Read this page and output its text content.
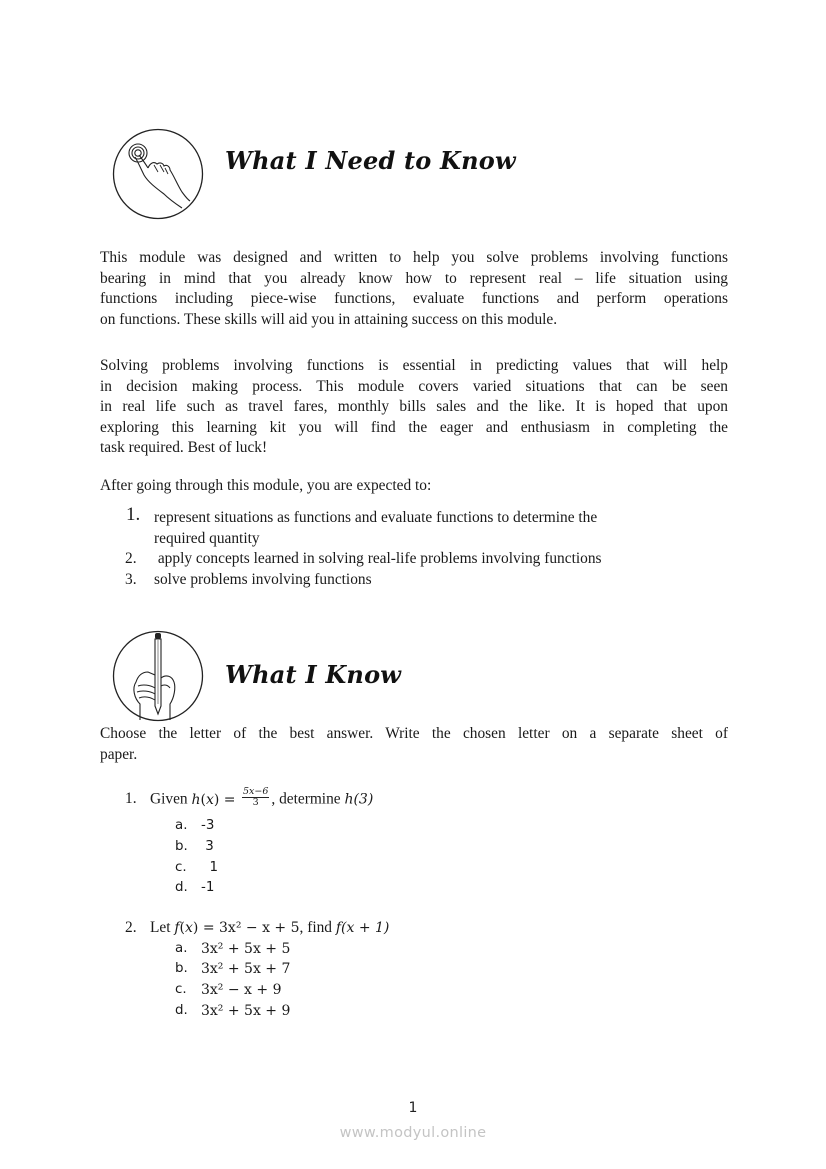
What I Need to Know
This module was designed and written to help you solve problems involving functions
bearing in mind that you already know how to represent real – life situation using
functions including piece-wise functions, evaluate functions and perform operations
on functions. These skills will aid you in attaining success on this module.
Solving problems involving functions is essential in predicting values that will help
in decision making process. This module covers varied situations that can be seen
in real life such as travel fares, monthly bills sales and the like. It is hoped that upon
exploring this learning kit you will find the eager and enthusiasm in completing the
task required. Best of luck!
After going through this module, you are expected to:
1. represent situations as functions and evaluate functions to determine the
required quantity
2. apply concepts learned in solving real-life problems involving functions
3. solve problems involving functions
What I Know
Choose the letter of the best answer. Write the chosen letter on a separate sheet of
paper.
1. Given $h(x) = \frac{5x-6}{3}$ , determine h(3)
a.	-3
b. 3
c.	1
d. -1
2. Let f(x) = 3x² − x + 5, find f(x + 1)
a. 3x² + 5x + 5
b. 3x² + 5x + 7
c.	3x² − x + 9
d. 3x² + 5x + 9
1
www.modyul.online
